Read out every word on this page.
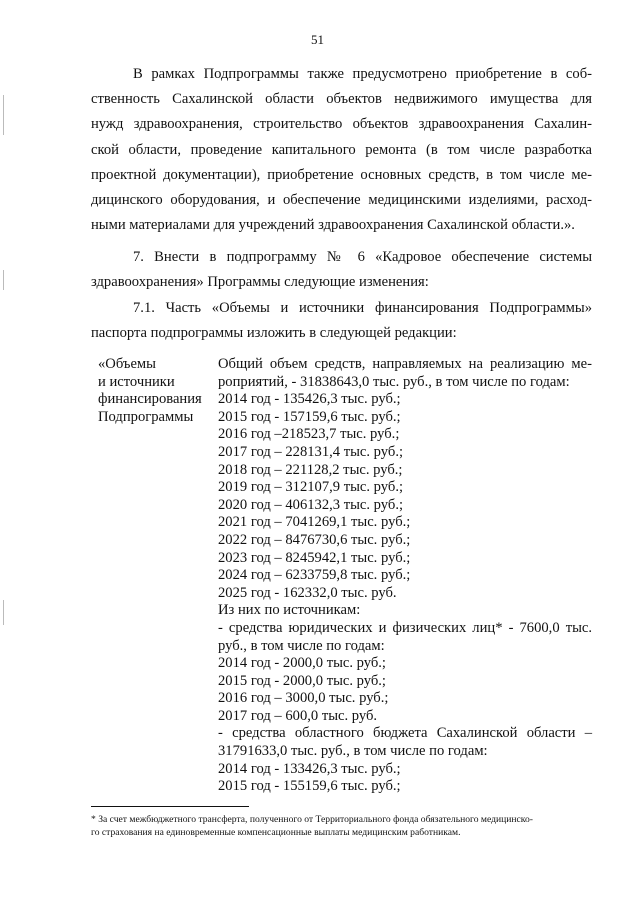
51
В рамках Подпрограммы также предусмотрено приобретение в соб-
ственность Сахалинской области объектов недвижимого имущества для
нужд здравоохранения, строительство объектов здравоохранения Сахалин-
ской области, проведение капитального ремонта (в том числе разработка
проектной документации), приобретение основных средств, в том числе ме-
дицинского оборудования, и обеспечение медицинскими изделиями, расход-
ными материалами для учреждений здравоохранения Сахалинской области.».
7. Внести в подпрограмму № 6 «Кадровое обеспечение системы
здравоохранения» Программы следующие изменения:
7.1. Часть «Объемы и источники финансирования Подпрограммы»
паспорта подпрограммы изложить в следующей редакции:
«Объемы
и источники
финансирования
Подпрограммы
Общий объем средств, направляемых на реализацию ме-
роприятий, - 31838643,0 тыс. руб., в том числе по годам:
2014 год - 135426,3 тыс. руб.;
2015 год - 157159,6 тыс. руб.;
2016 год –218523,7 тыс. руб.;
2017 год – 228131,4 тыс. руб.;
2018 год – 221128,2 тыс. руб.;
2019 год – 312107,9 тыс. руб.;
2020 год – 406132,3 тыс. руб.;
2021 год – 7041269,1 тыс. руб.;
2022 год – 8476730,6 тыс. руб.;
2023 год – 8245942,1 тыс. руб.;
2024 год – 6233759,8 тыс. руб.;
2025 год - 162332,0 тыс. руб.
Из них по источникам:
- средства юридических и физических лиц* - 7600,0 тыс.
руб., в том числе по годам:
2014 год - 2000,0 тыс. руб.;
2015 год - 2000,0 тыс. руб.;
2016 год – 3000,0 тыс. руб.;
2017 год – 600,0 тыс. руб.
- средства областного бюджета Сахалинской области –
31791633,0 тыс. руб., в том числе по годам:
2014 год - 133426,3 тыс. руб.;
2015 год - 155159,6 тыс. руб.;
* За счет межбюджетного трансферта, полученного от Территориального фонда обязательного медицинско-
го страхования на единовременные компенсационные выплаты медицинским работникам.
